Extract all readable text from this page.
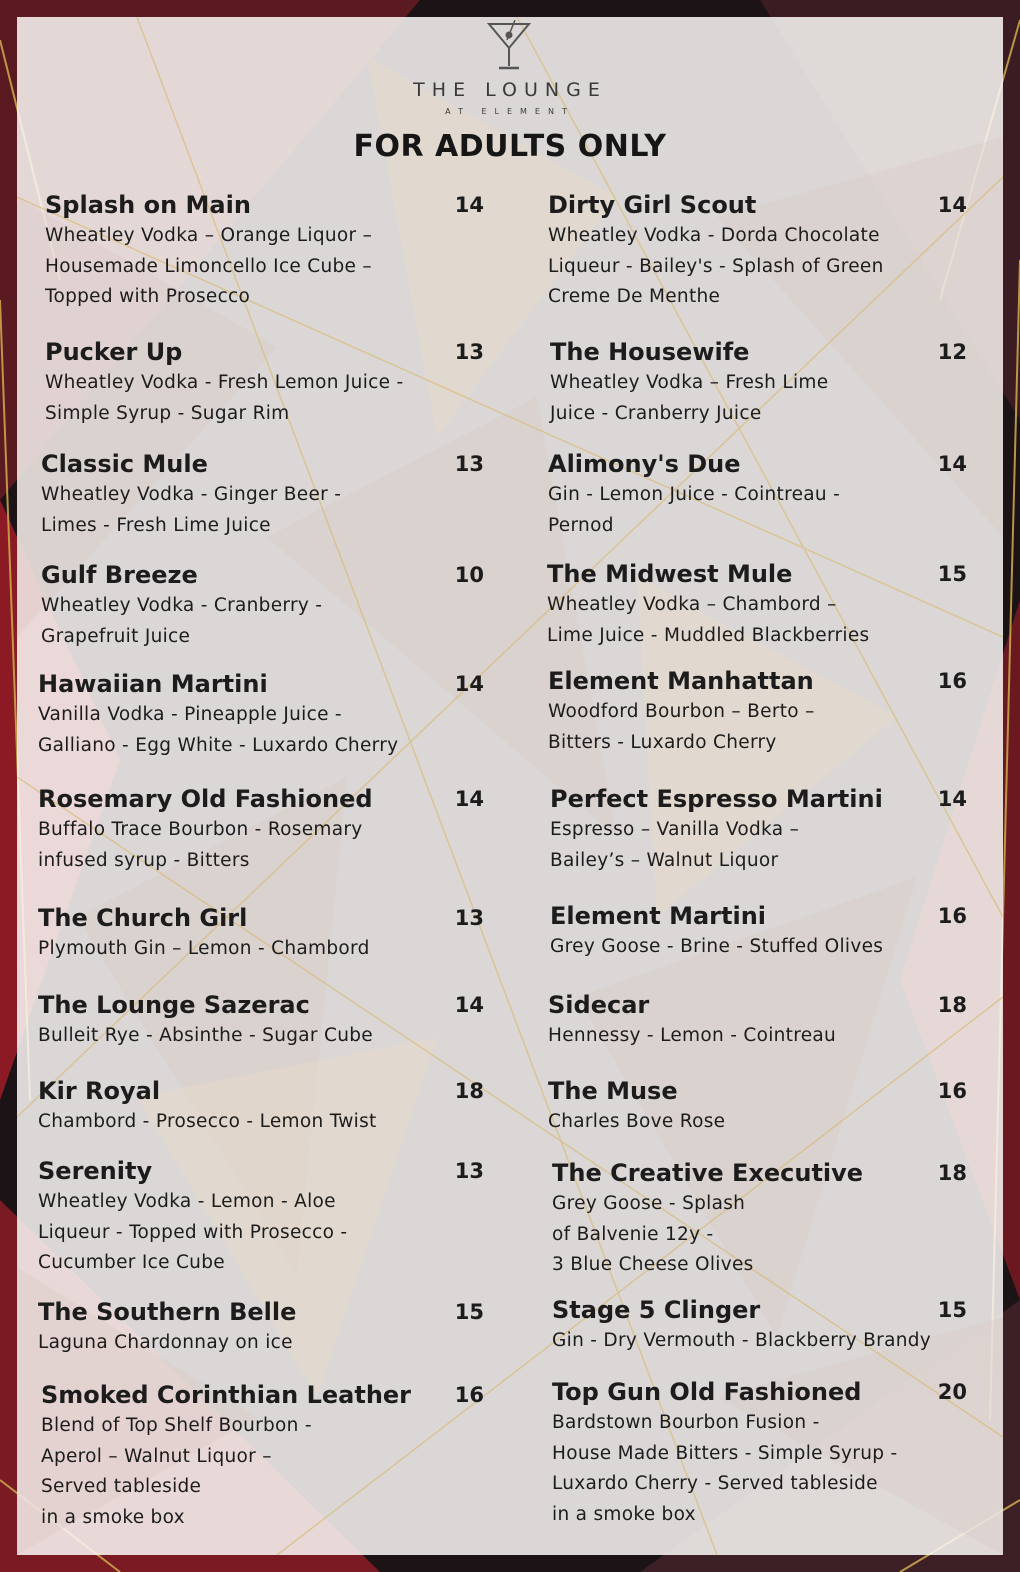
THE LOUNGE
AT ELEMENT
FOR ADULTS ONLY
Splash on Main	14
Wheatley Vodka – Orange Liquor –
Housemade Limoncello Ice Cube –
Topped with Prosecco
Pucker Up	13
Wheatley Vodka - Fresh Lemon Juice -
Simple Syrup - Sugar Rim
Classic Mule	13
Wheatley Vodka - Ginger Beer -
Limes - Fresh Lime Juice
Gulf Breeze	10
Wheatley Vodka - Cranberry -
Grapefruit Juice
Hawaiian Martini	14
Vanilla Vodka - Pineapple Juice -
Galliano - Egg White - Luxardo Cherry
Rosemary Old Fashioned	14
Buffalo Trace Bourbon - Rosemary
infused syrup - Bitters
The Church Girl	13
Plymouth Gin – Lemon - Chambord
The Lounge Sazerac	14
Bulleit Rye - Absinthe - Sugar Cube
Kir Royal	18
Chambord - Prosecco - Lemon Twist
Serenity	13
Wheatley Vodka - Lemon - Aloe
Liqueur - Topped with Prosecco -
Cucumber Ice Cube
The Southern Belle	15
Laguna Chardonnay on ice
Smoked Corinthian Leather	16
Blend of Top Shelf Bourbon -
Aperol – Walnut Liquor –
Served tableside
in a smoke box
Dirty Girl Scout	14
Wheatley Vodka - Dorda Chocolate
Liqueur - Bailey's - Splash of Green
Creme De Menthe
The Housewife	12
Wheatley Vodka – Fresh Lime
Juice - Cranberry Juice
Alimony's Due	14
Gin - Lemon Juice - Cointreau -
Pernod
The Midwest Mule	15
Wheatley Vodka – Chambord –
Lime Juice - Muddled Blackberries
Element Manhattan	16
Woodford Bourbon – Berto –
Bitters - Luxardo Cherry
Perfect Espresso Martini	14
Espresso – Vanilla Vodka –
Bailey’s – Walnut Liquor
Element Martini	16
Grey Goose - Brine - Stuffed Olives
Sidecar	18
Hennessy - Lemon - Cointreau
The Muse	16
Charles Bove Rose
The Creative Executive	18
Grey Goose - Splash
of Balvenie 12y -
3 Blue Cheese Olives
Stage 5 Clinger	15
Gin - Dry Vermouth - Blackberry Brandy
Top Gun Old Fashioned	20
Bardstown Bourbon Fusion -
House Made Bitters - Simple Syrup -
Luxardo Cherry - Served tableside
in a smoke box
